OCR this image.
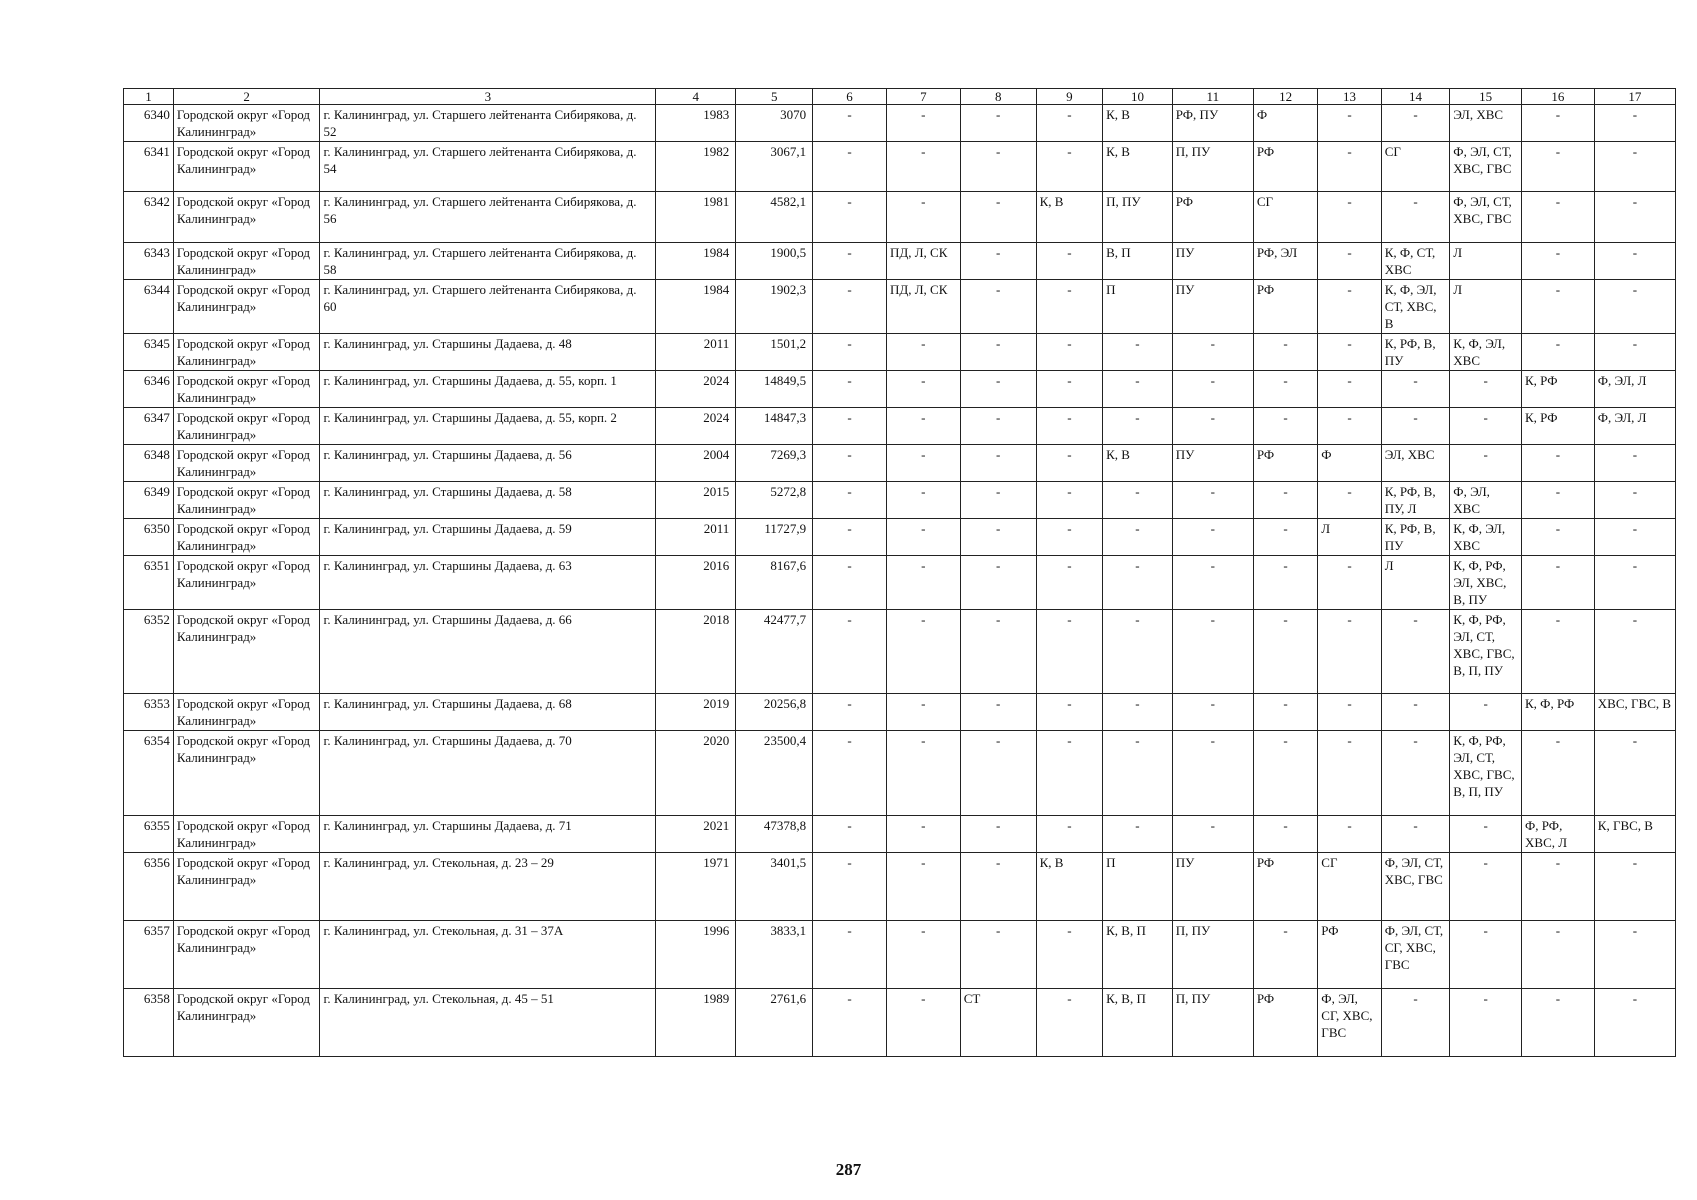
1	2	3	4	5	6	7	8	9	10	11	12	13	14	15	16	17
6340	Городской округ «Город Калининград»	г. Калининград, ул. Старшего лейтенанта Сибирякова, д. 52	1983	3070	-	-	-	-	К, В	РФ, ПУ	Ф	-	-	ЭЛ, ХВС	-	-

6341	Городской округ «Город Калининград»	г. Калининград, ул. Старшего лейтенанта Сибирякова, д. 54	1982	3067,1	-	-	-	-	К, В	П, ПУ	РФ	-	СГ	Ф, ЭЛ, СТ, ХВС, ГВС	-	-

6342	Городской округ «Город Калининград»	г. Калининград, ул. Старшего лейтенанта Сибирякова, д. 56	1981	4582,1	-	-	-	К, В	П, ПУ	РФ	СГ	-	-	Ф, ЭЛ, СТ, ХВС, ГВС	-	-

6343	Городской округ «Город Калининград»	г. Калининград, ул. Старшего лейтенанта Сибирякова, д. 58	1984	1900,5	-	ПД, Л, СК	-	-	В, П	ПУ	РФ, ЭЛ	-	К, Ф, СТ, ХВС	Л	-	-

6344	Городской округ «Город Калининград»	г. Калининград, ул. Старшего лейтенанта Сибирякова, д. 60	1984	1902,3	-	ПД, Л, СК	-	-	П	ПУ	РФ	-	К, Ф, ЭЛ, СТ, ХВС, В	Л	-	-

6345	Городской округ «Город Калининград»	г. Калининград, ул. Старшины Дадаева, д. 48	2011	1501,2	-	-	-	-	-	-	-	-	К, РФ, В, ПУ	К, Ф, ЭЛ, ХВС	-	-

6346	Городской округ «Город Калининград»	г. Калининград, ул. Старшины Дадаева, д. 55, корп. 1	2024	14849,5	-	-	-	-	-	-	-	-	-	-	К, РФ	Ф, ЭЛ, Л
6347	Городской округ «Город Калининград»	г. Калининград, ул. Старшины Дадаева, д. 55, корп. 2	2024	14847,3	-	-	-	-	-	-	-	-	-	-	К, РФ	Ф, ЭЛ, Л
6348	Городской округ «Город Калининград»	г. Калининград, ул. Старшины Дадаева, д. 56	2004	7269,3	-	-	-	-	К, В	ПУ	РФ	Ф	ЭЛ, ХВС	-	-	-

6349	Городской округ «Город Калининград»	г. Калининград, ул. Старшины Дадаева, д. 58	2015	5272,8	-	-	-	-	-	-	-	-	К, РФ, В, ПУ, Л	Ф, ЭЛ, ХВС	-	-

6350	Городской округ «Город Калининград»	г. Калининград, ул. Старшины Дадаева, д. 59	2011	11727,9	-	-	-	-	-	-	-	Л	К, РФ, В, ПУ	К, Ф, ЭЛ, ХВС	-	-

6351	Городской округ «Город Калининград»	г. Калининград, ул. Старшины Дадаева, д. 63	2016	8167,6	-	-	-	-	-	-	-	-	Л	К, Ф, РФ, ЭЛ, ХВС, В, ПУ	-	-

6352	Городской округ «Город Калининград»	г. Калининград, ул. Старшины Дадаева, д. 66	2018	42477,7	-	-	-	-	-	-	-	-	-	К, Ф, РФ, ЭЛ, СТ, ХВС, ГВС, В, П, ПУ	-	-

6353	Городской округ «Город Калининград»	г. Калининград, ул. Старшины Дадаева, д. 68	2019	20256,8	-	-	-	-	-	-	-	-	-	-	К, Ф, РФ	ХВС, ГВС, В
6354	Городской округ «Город Калининград»	г. Калининград, ул. Старшины Дадаева, д. 70	2020	23500,4	-	-	-	-	-	-	-	-	-	К, Ф, РФ, ЭЛ, СТ, ХВС, ГВС, В, П, ПУ	-	-

6355	Городской округ «Город Калининград»	г. Калининград, ул. Старшины Дадаева, д. 71	2021	47378,8	-	-	-	-	-	-	-	-	-	-	Ф, РФ, ХВС, Л	К, ГВС, В
6356	Городской округ «Город Калининград»	г. Калининград, ул. Стекольная, д. 23 – 29	1971	3401,5	-	-	-	К, В	П	ПУ	РФ	СГ	Ф, ЭЛ, СТ, ХВС, ГВС	-	-	-

6357	Городской округ «Город Калининград»	г. Калининград, ул. Стекольная, д. 31 – 37А	1996	3833,1	-	-	-	-	К, В, П	П, ПУ	-	РФ	Ф, ЭЛ, СТ, СГ, ХВС, ГВС	-	-	-

6358	Городской округ «Город Калининград»	г. Калининград, ул. Стекольная, д. 45 – 51	1989	2761,6	-	-	СТ	-	К, В, П	П, ПУ	РФ	Ф, ЭЛ, СГ, ХВС, ГВС	-	-	-	-
287
